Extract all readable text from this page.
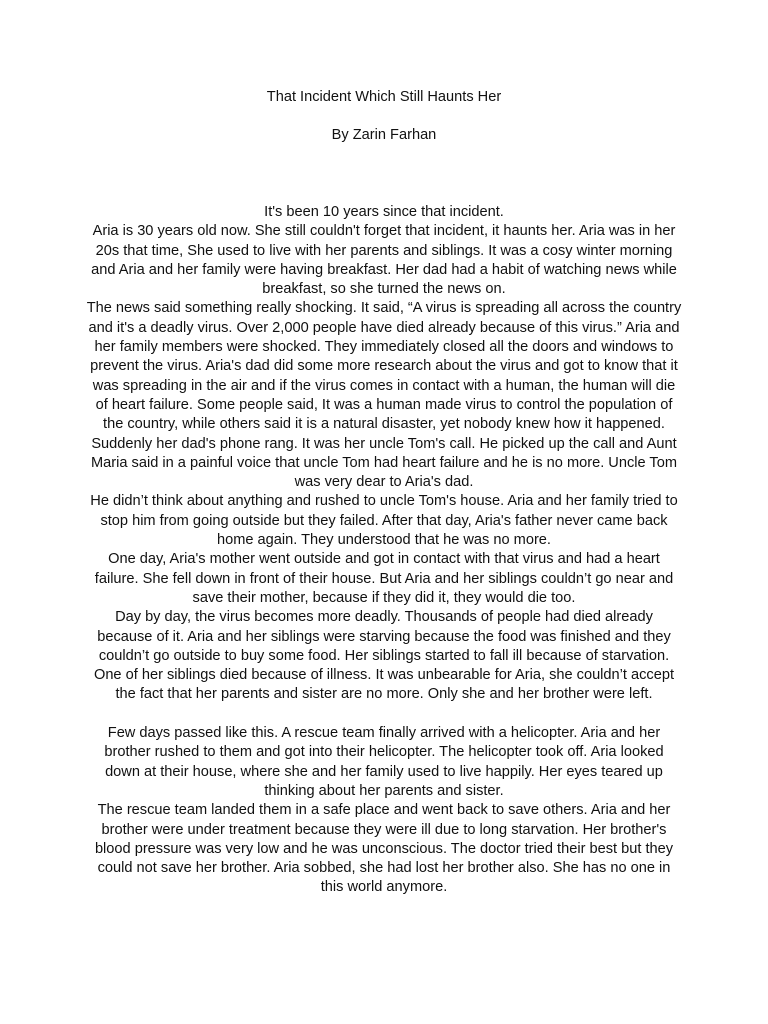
That Incident Which Still Haunts Her
By Zarin Farhan

It's been 10 years since that incident.

Aria is 30 years old now. She still couldn't forget that incident, it haunts her. Aria was in her 20s that time, She used to live with her parents and siblings. It was a cosy winter morning and Aria and her family were having breakfast. Her dad had a habit of watching news while breakfast, so she turned the news on.

The news said something really shocking. It said, “A virus is spreading all across the country and it's a deadly virus. Over 2,000 people have died already because of this virus.” Aria and her family members were shocked. They immediately closed all the doors and windows to prevent the virus. Aria's dad did some more research about the virus and got to know that it was spreading in the air and if the virus comes in contact with a human, the human will die of heart failure. Some people said, It was a human made virus to control the population of the country, while others said it is a natural disaster, yet nobody knew how it happened.

Suddenly her dad's phone rang. It was her uncle Tom's call. He picked up the call and Aunt Maria said in a painful voice that uncle Tom had heart failure and he is no more. Uncle Tom was very dear to Aria's dad.

He didn’t think about anything and rushed to uncle Tom's house. Aria and her family tried to stop him from going outside but they failed. After that day, Aria's father never came back home again. They understood that he was no more.

One day, Aria's mother went outside and got in contact with that virus and had a heart failure. She fell down in front of their house. But Aria and her siblings couldn’t go near and save their mother, because if they did it, they would die too.

Day by day, the virus becomes more deadly. Thousands of people had died already because of it. Aria and her siblings were starving because the food was finished and they couldn’t go outside to buy some food. Her siblings started to fall ill because of starvation. One of her siblings died because of illness. It was unbearable for Aria, she couldn’t accept the fact that her parents and sister are no more. Only she and her brother were left.

Few days passed like this. A rescue team finally arrived with a helicopter. Aria and her brother rushed to them and got into their helicopter. The helicopter took off. Aria looked down at their house, where she and her family used to live happily. Her eyes teared up thinking about her parents and sister.

The rescue team landed them in a safe place and went back to save others. Aria and her brother were under treatment because they were ill due to long starvation. Her brother's blood pressure was very low and he was unconscious. The doctor tried their best but they could not save her brother. Aria sobbed, she had lost her brother also. She has no one in this world anymore.
